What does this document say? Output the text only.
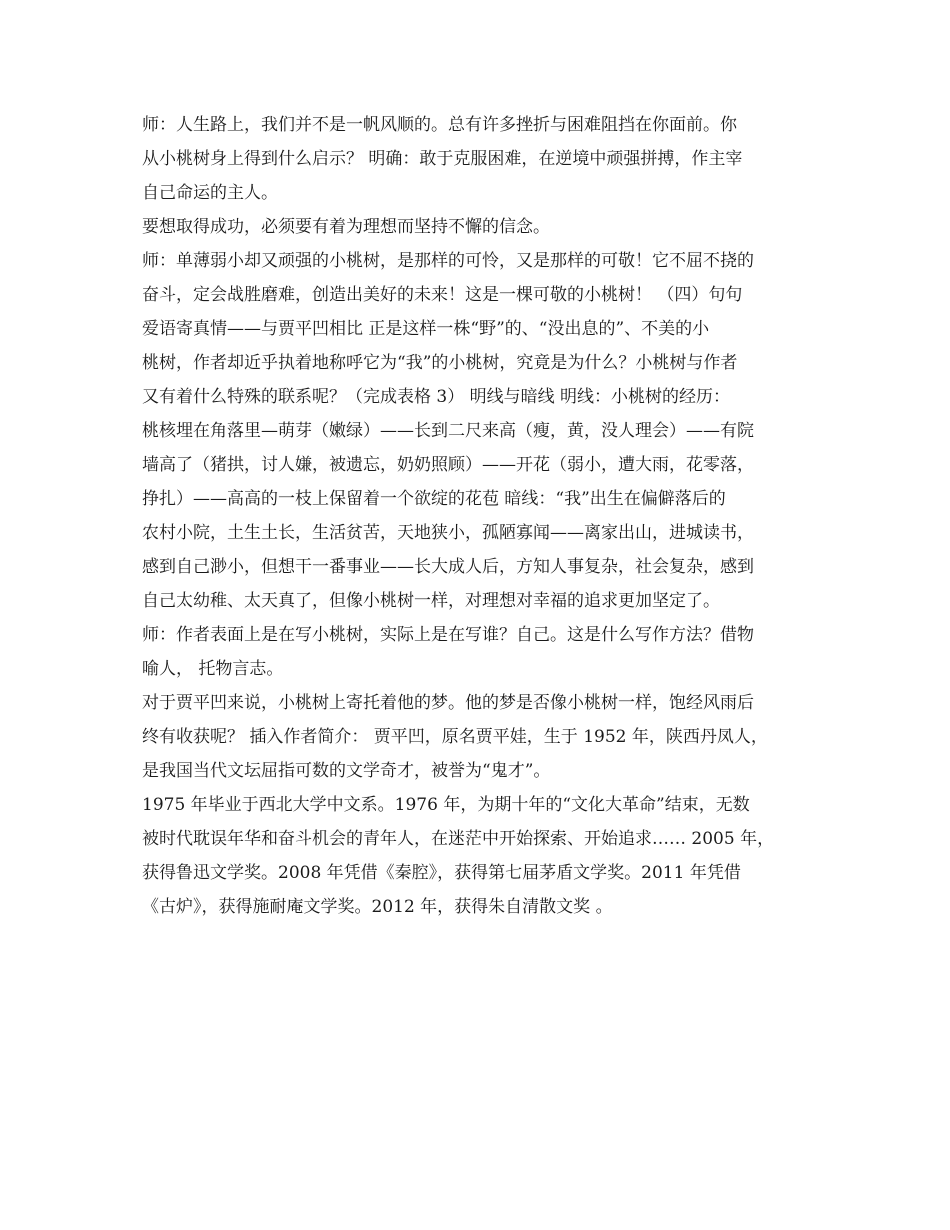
师：人生路上，我们并不是一帆风顺的。总有许多挫折与困难阻挡在你面前。你
从小桃树身上得到什么启示？ 明确：敢于克服困难，在逆境中顽强拼搏，作主宰
自己命运的主人。
要想取得成功，必须要有着为理想而坚持不懈的信念。
师：单薄弱小却又顽强的小桃树，是那样的可怜，又是那样的可敬！它不屈不挠的
奋斗，定会战胜磨难，创造出美好的未来！这是一棵可敬的小桃树！ （四）句句
爱语寄真情——与贾平凹相比 正是这样一株“野”的、“没出息的”、不美的小
桃树，作者却近乎执着地称呼它为“我”的小桃树，究竟是为什么？小桃树与作者
又有着什么特殊的联系呢？（完成表格 3） 明线与暗线 明线：小桃树的经历：
桃核埋在角落里—萌芽（嫩绿）——长到二尺来高（瘦，黄，没人理会）——有院
墙高了（猪拱，讨人嫌，被遗忘，奶奶照顾）——开花（弱小，遭大雨，花零落，
挣扎）——高高的一枝上保留着一个欲绽的花苞 暗线：“我”出生在偏僻落后的
农村小院，土生土长，生活贫苦，天地狭小，孤陋寡闻——离家出山，进城读书，
感到自己渺小，但想干一番事业——长大成人后，方知人事复杂，社会复杂，感到
自己太幼稚、太天真了，但像小桃树一样，对理想对幸福的追求更加坚定了。
师：作者表面上是在写小桃树，实际上是在写谁？自己。这是什么写作方法？借物
喻人， 托物言志。
对于贾平凹来说，小桃树上寄托着他的梦。他的梦是否像小桃树一样，饱经风雨后
终有收获呢？ 插入作者简介： 贾平凹，原名贾平娃，生于 1952 年，陕西丹凤人，
是我国当代文坛屈指可数的文学奇才，被誉为“鬼才”。
1975 年毕业于西北大学中文系。1976 年，为期十年的“文化大革命”结束，无数
被时代耽误年华和奋斗机会的青年人，在迷茫中开始探索、开始追求…… 2005 年，
获得鲁迅文学奖。2008 年凭借《秦腔》，获得第七届茅盾文学奖。2011 年凭借
《古炉》，获得施耐庵文学奖。2012 年，获得朱自清散文奖 。
